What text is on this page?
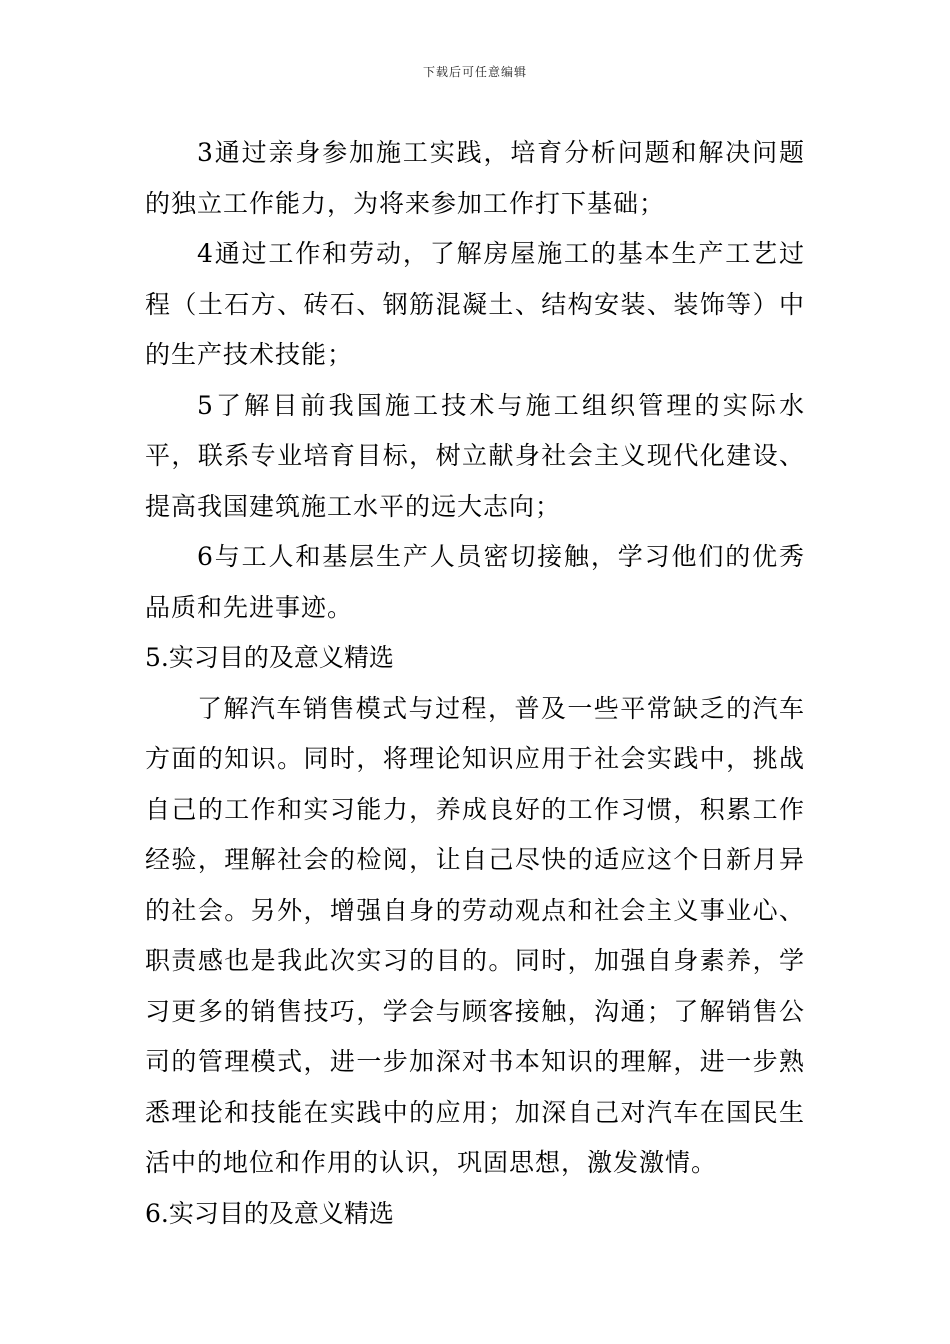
下载后可任意编辑

3通过亲身参加施工实践，培育分析问题和解决问题的独立工作能力，为将来参加工作打下基础；

4通过工作和劳动，了解房屋施工的基本生产工艺过程（土石方、砖石、钢筋混凝土、结构安装、装饰等）中的生产技术技能；

5了解目前我国施工技术与施工组织管理的实际水平，联系专业培育目标，树立献身社会主义现代化建设、提高我国建筑施工水平的远大志向；

6与工人和基层生产人员密切接触，学习他们的优秀品质和先进事迹。

5.实习目的及意义精选

了解汽车销售模式与过程，普及一些平常缺乏的汽车方面的知识。同时，将理论知识应用于社会实践中，挑战自己的工作和实习能力，养成良好的工作习惯，积累工作经验，理解社会的检阅，让自己尽快的适应这个日新月异的社会。另外，增强自身的劳动观点和社会主义事业心、职责感也是我此次实习的目的。同时，加强自身素养，学习更多的销售技巧，学会与顾客接触，沟通；了解销售公司的管理模式，进一步加深对书本知识的理解，进一步熟悉理论和技能在实践中的应用；加深自己对汽车在国民生活中的地位和作用的认识，巩固思想，激发激情。

6.实习目的及意义精选
